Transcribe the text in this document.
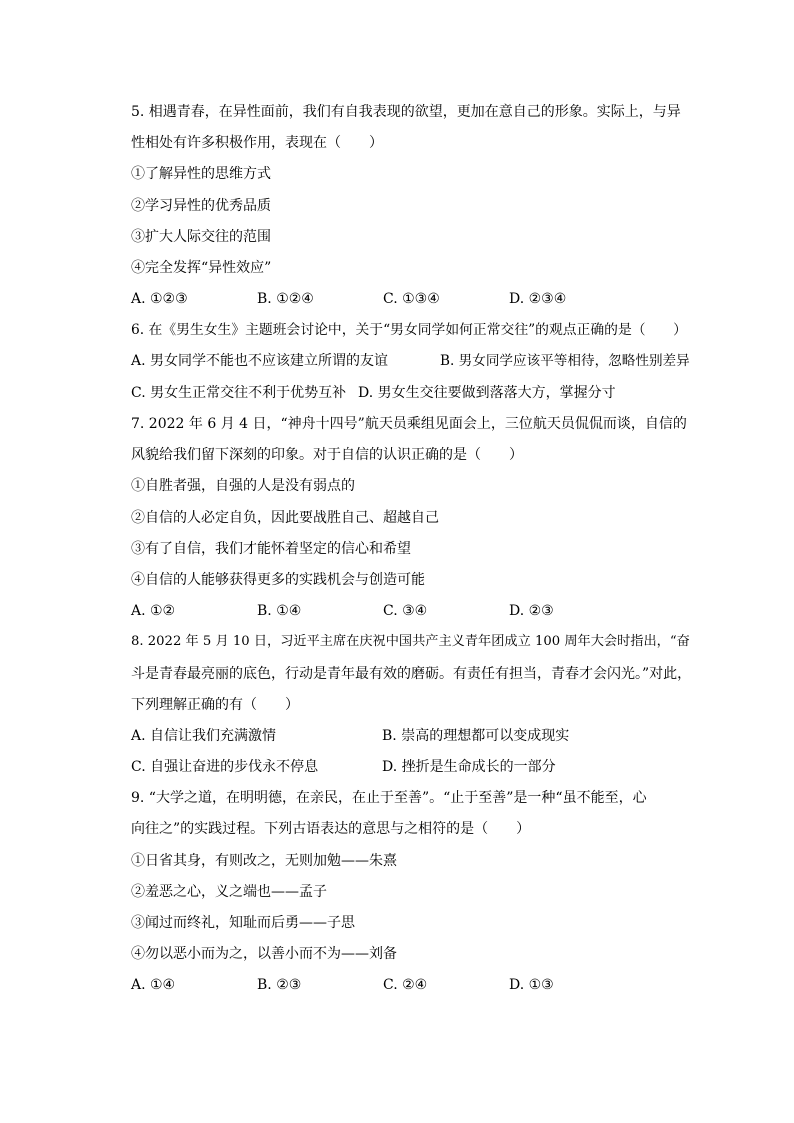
5. 相遇青春，在异性面前，我们有自我表现的欲望，更加在意自己的形象。实际上，与异
性相处有许多积极作用，表现在（　　）
①了解异性的思维方式
②学习异性的优秀品质
③扩大人际交往的范围
④完全发挥“异性效应”
A. ①②③	B. ①②④	C. ①③④	D. ②③④
6. 在《男生女生》主题班会讨论中，关于“男女同学如何正常交往”的观点正确的是（　　）
A. 男女同学不能也不应该建立所谓的友谊	B. 男女同学应该平等相待，忽略性别差异
C. 男女生正常交往不利于优势互补 D. 男女生交往要做到落落大方，掌握分寸
7. 2022 年 6 月 4 日，“神舟十四号”航天员乘组见面会上，三位航天员侃侃而谈，自信的
风貌给我们留下深刻的印象。对于自信的认识正确的是（　　）
①自胜者强，自强的人是没有弱点的
②自信的人必定自负，因此要战胜自己、超越自己
③有了自信，我们才能怀着坚定的信心和希望
④自信的人能够获得更多的实践机会与创造可能
A. ①②	B. ①④	C. ③④	D. ②③
8. 2022 年 5 月 10 日，习近平主席在庆祝中国共产主义青年团成立 100 周年大会时指出，“奋
斗是青春最亮丽的底色，行动是青年最有效的磨砺。有责任有担当，青春才会闪光。”对此，
下列理解正确的有（　　）
A. 自信让我们充满激情	B. 崇高的理想都可以变成现实
C. 自强让奋进的步伐永不停息	D. 挫折是生命成长的一部分
9. “大学之道，在明明德，在亲民，在止于至善”。“止于至善”是一种“虽不能至，心
向往之”的实践过程。下列古语表达的意思与之相符的是（　　）
①日省其身，有则改之，无则加勉——朱熹
②羞恶之心，义之端也——孟子
③闻过而终礼，知耻而后勇——子思
④勿以恶小而为之，以善小而不为——刘备
A. ①④	B. ②③	C. ②④	D. ①③
